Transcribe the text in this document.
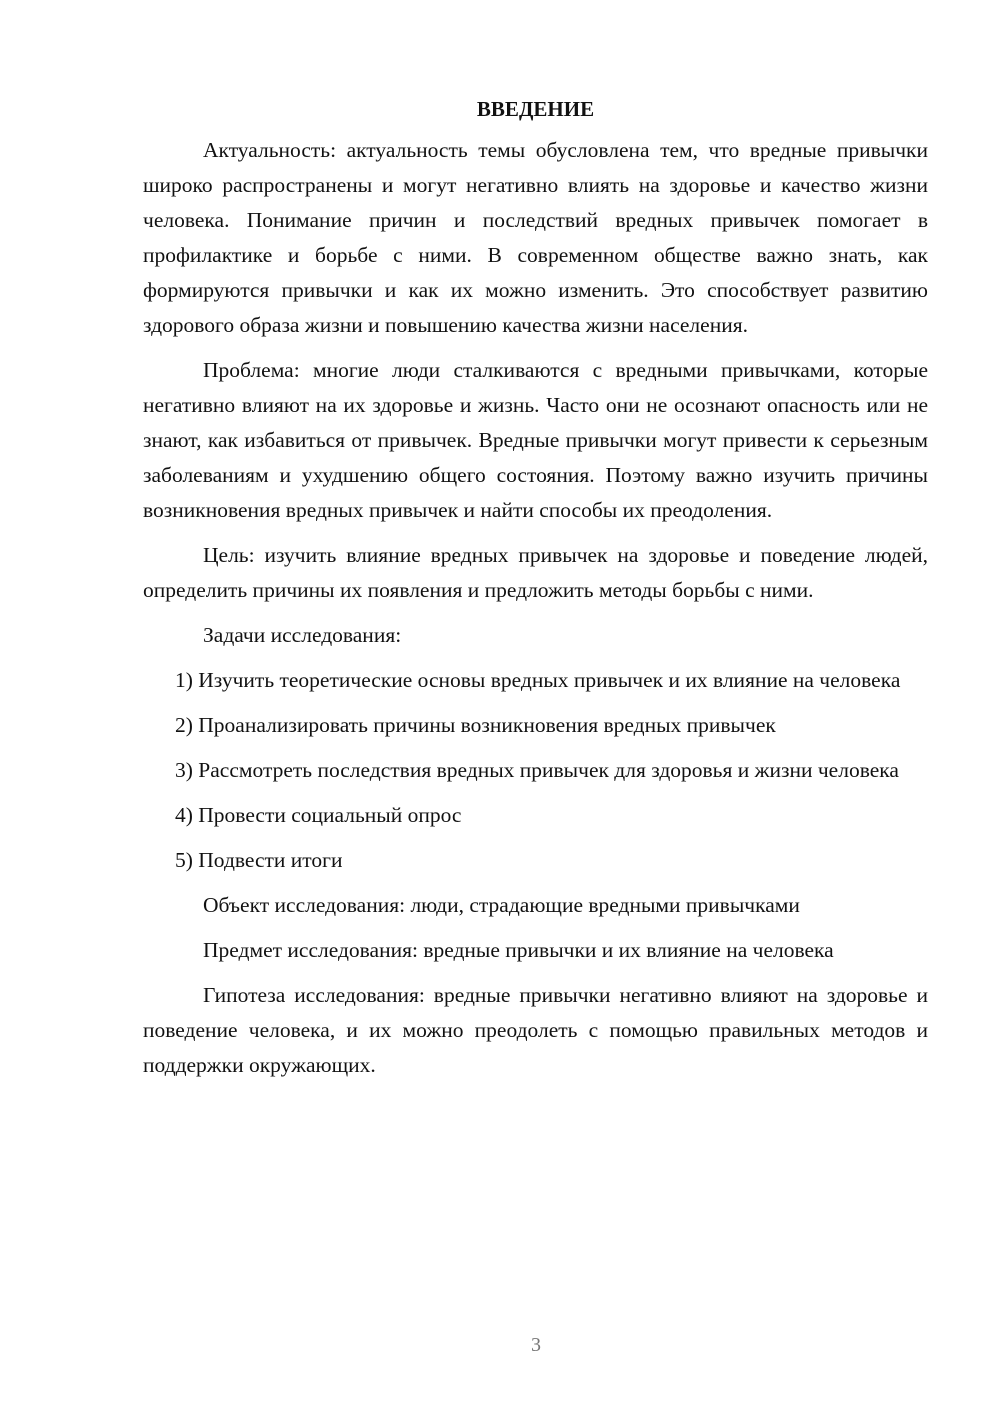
ВВЕДЕНИЕ

Актуальность: актуальность темы обусловлена тем, что вредные привычки широко распространены и могут негативно влиять на здоровье и качество жизни человека. Понимание причин и последствий вредных привычек помогает в профилактике и борьбе с ними. В современном обществе важно знать, как формируются привычки и как их можно изменить. Это способствует развитию здорового образа жизни и повышению качества жизни населения.

Проблема: многие люди сталкиваются с вредными привычками, которые негативно влияют на их здоровье и жизнь. Часто они не осознают опасность или не знают, как избавиться от привычек. Вредные привычки могут привести к серьезным заболеваниям и ухудшению общего состояния. Поэтому важно изучить причины возникновения вредных привычек и найти способы их преодоления.

Цель: изучить влияние вредных привычек на здоровье и поведение людей, определить причины их появления и предложить методы борьбы с ними.

Задачи исследования:

1) Изучить теоретические основы вредных привычек и их влияние на человека

2) Проанализировать причины возникновения вредных привычек

3) Рассмотреть последствия вредных привычек для здоровья и жизни человека

4) Провести социальный опрос

5) Подвести итоги

Объект исследования: люди, страдающие вредными привычками

Предмет исследования: вредные привычки и их влияние на человека

Гипотеза исследования: вредные привычки негативно влияют на здоровье и поведение человека, и их можно преодолеть с помощью правильных методов и поддержки окружающих.

3
